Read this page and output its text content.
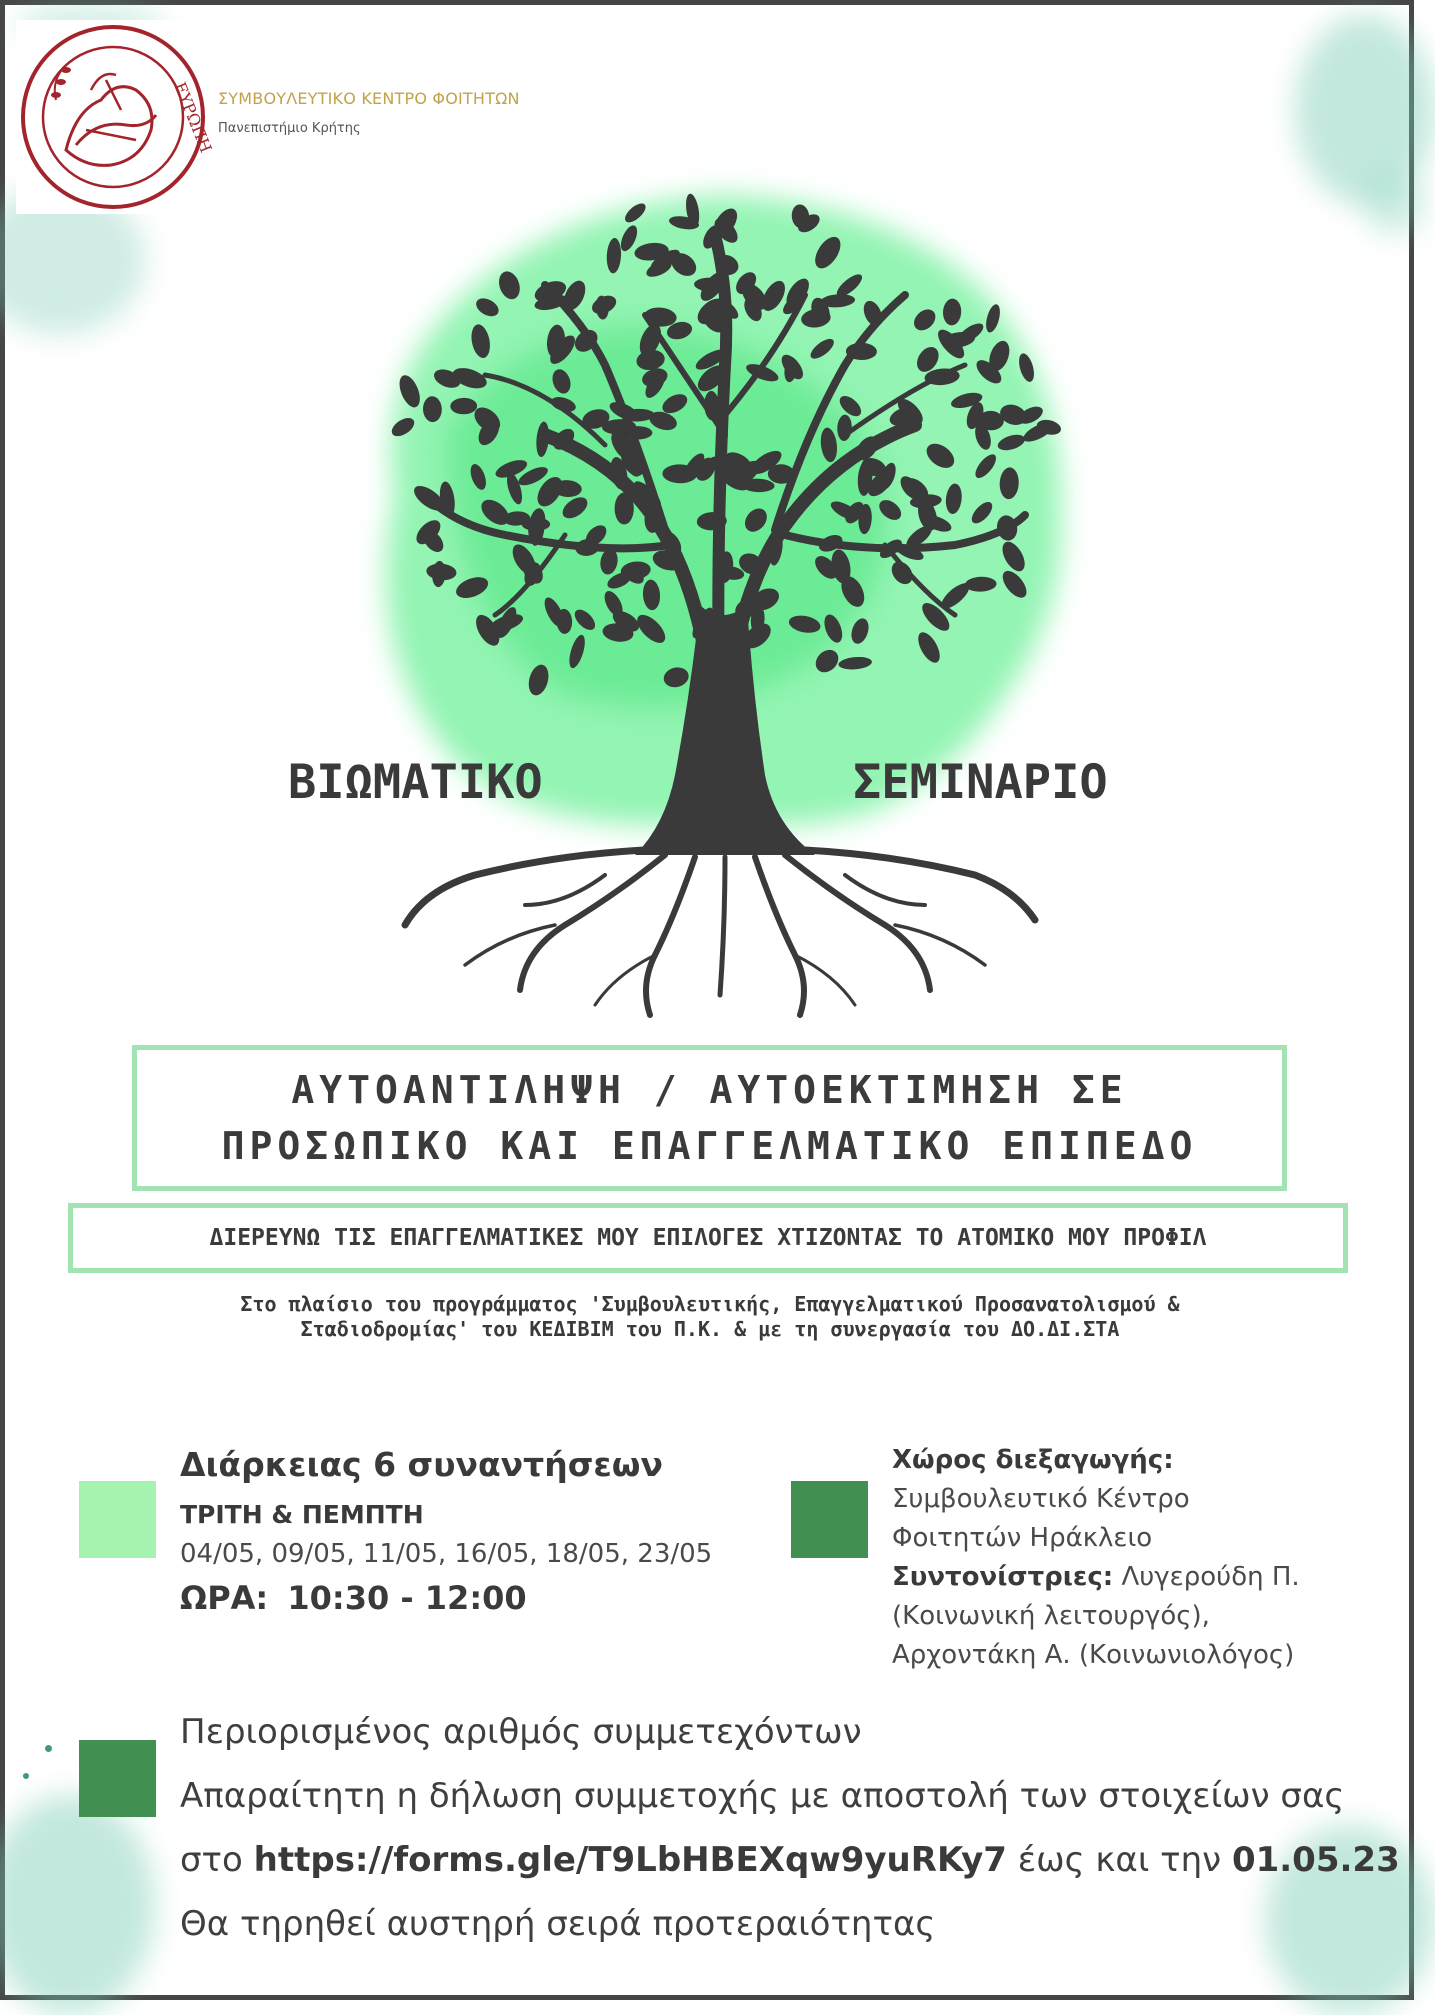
ΕΥΡΩΠΗ ΣΥΜΒΟΥΛΕΥΤΙΚΟ ΚΕΝΤΡΟ ΦΟΙΤΗΤΩΝ
Πανεπιστήμιο Κρήτης
ΒΙΩΜΑΤΙΚΟ	ΣΕΜΙΝΑΡΙΟ
ΑΥΤΟΑΝΤΙΛΗΨΗ / ΑΥΤΟΕΚΤΙΜΗΣΗ ΣΕ
ΠΡΟΣΩΠΙΚΟ ΚΑΙ ΕΠΑΓΓΕΛΜΑΤΙΚΟ ΕΠΙΠΕΔΟ
ΔΙΕΡΕΥΝΩ ΤΙΣ ΕΠΑΓΓΕΛΜΑΤΙΚΕΣ ΜΟΥ ΕΠΙΛΟΓΕΣ ΧΤΙΖΟΝΤΑΣ ΤΟ ΑΤΟΜΙΚΟ ΜΟΥ ΠΡΟΦΙΛ
Στο πλαίσιο του προγράμματος 'Συμβουλευτικής, Επαγγελματικού Προσανατολισμού &
Σταδιοδρομίας' του ΚΕΔΙΒΙΜ του Π.Κ. & με τη συνεργασία του ΔΟ.ΔΙ.ΣΤΑ
Διάρκειας 6 συναντήσεων
ΤΡΙΤΗ & ΠΕΜΠΤΗ
04/05, 09/05, 11/05, 16/05, 18/05, 23/05
ΩΡΑ: 10:30 - 12:00
Χώρος διεξαγωγής:
Συμβουλευτικό Κέντρο
Φοιτητών Ηράκλειο
Συντονίστριες: Λυγερούδη Π.
(Κοινωνική λειτουργός),
Αρχοντάκη Α. (Κοινωνιολόγος)
Περιορισμένος αριθμός συμμετεχόντων
Απαραίτητη η δήλωση συμμετοχής με αποστολή των στοιχείων σας
στο https://forms.gle/T9LbHBEXqw9yuRKy7 έως και την 01.05.23
Θα τηρηθεί αυστηρή σειρά προτεραιότητας
